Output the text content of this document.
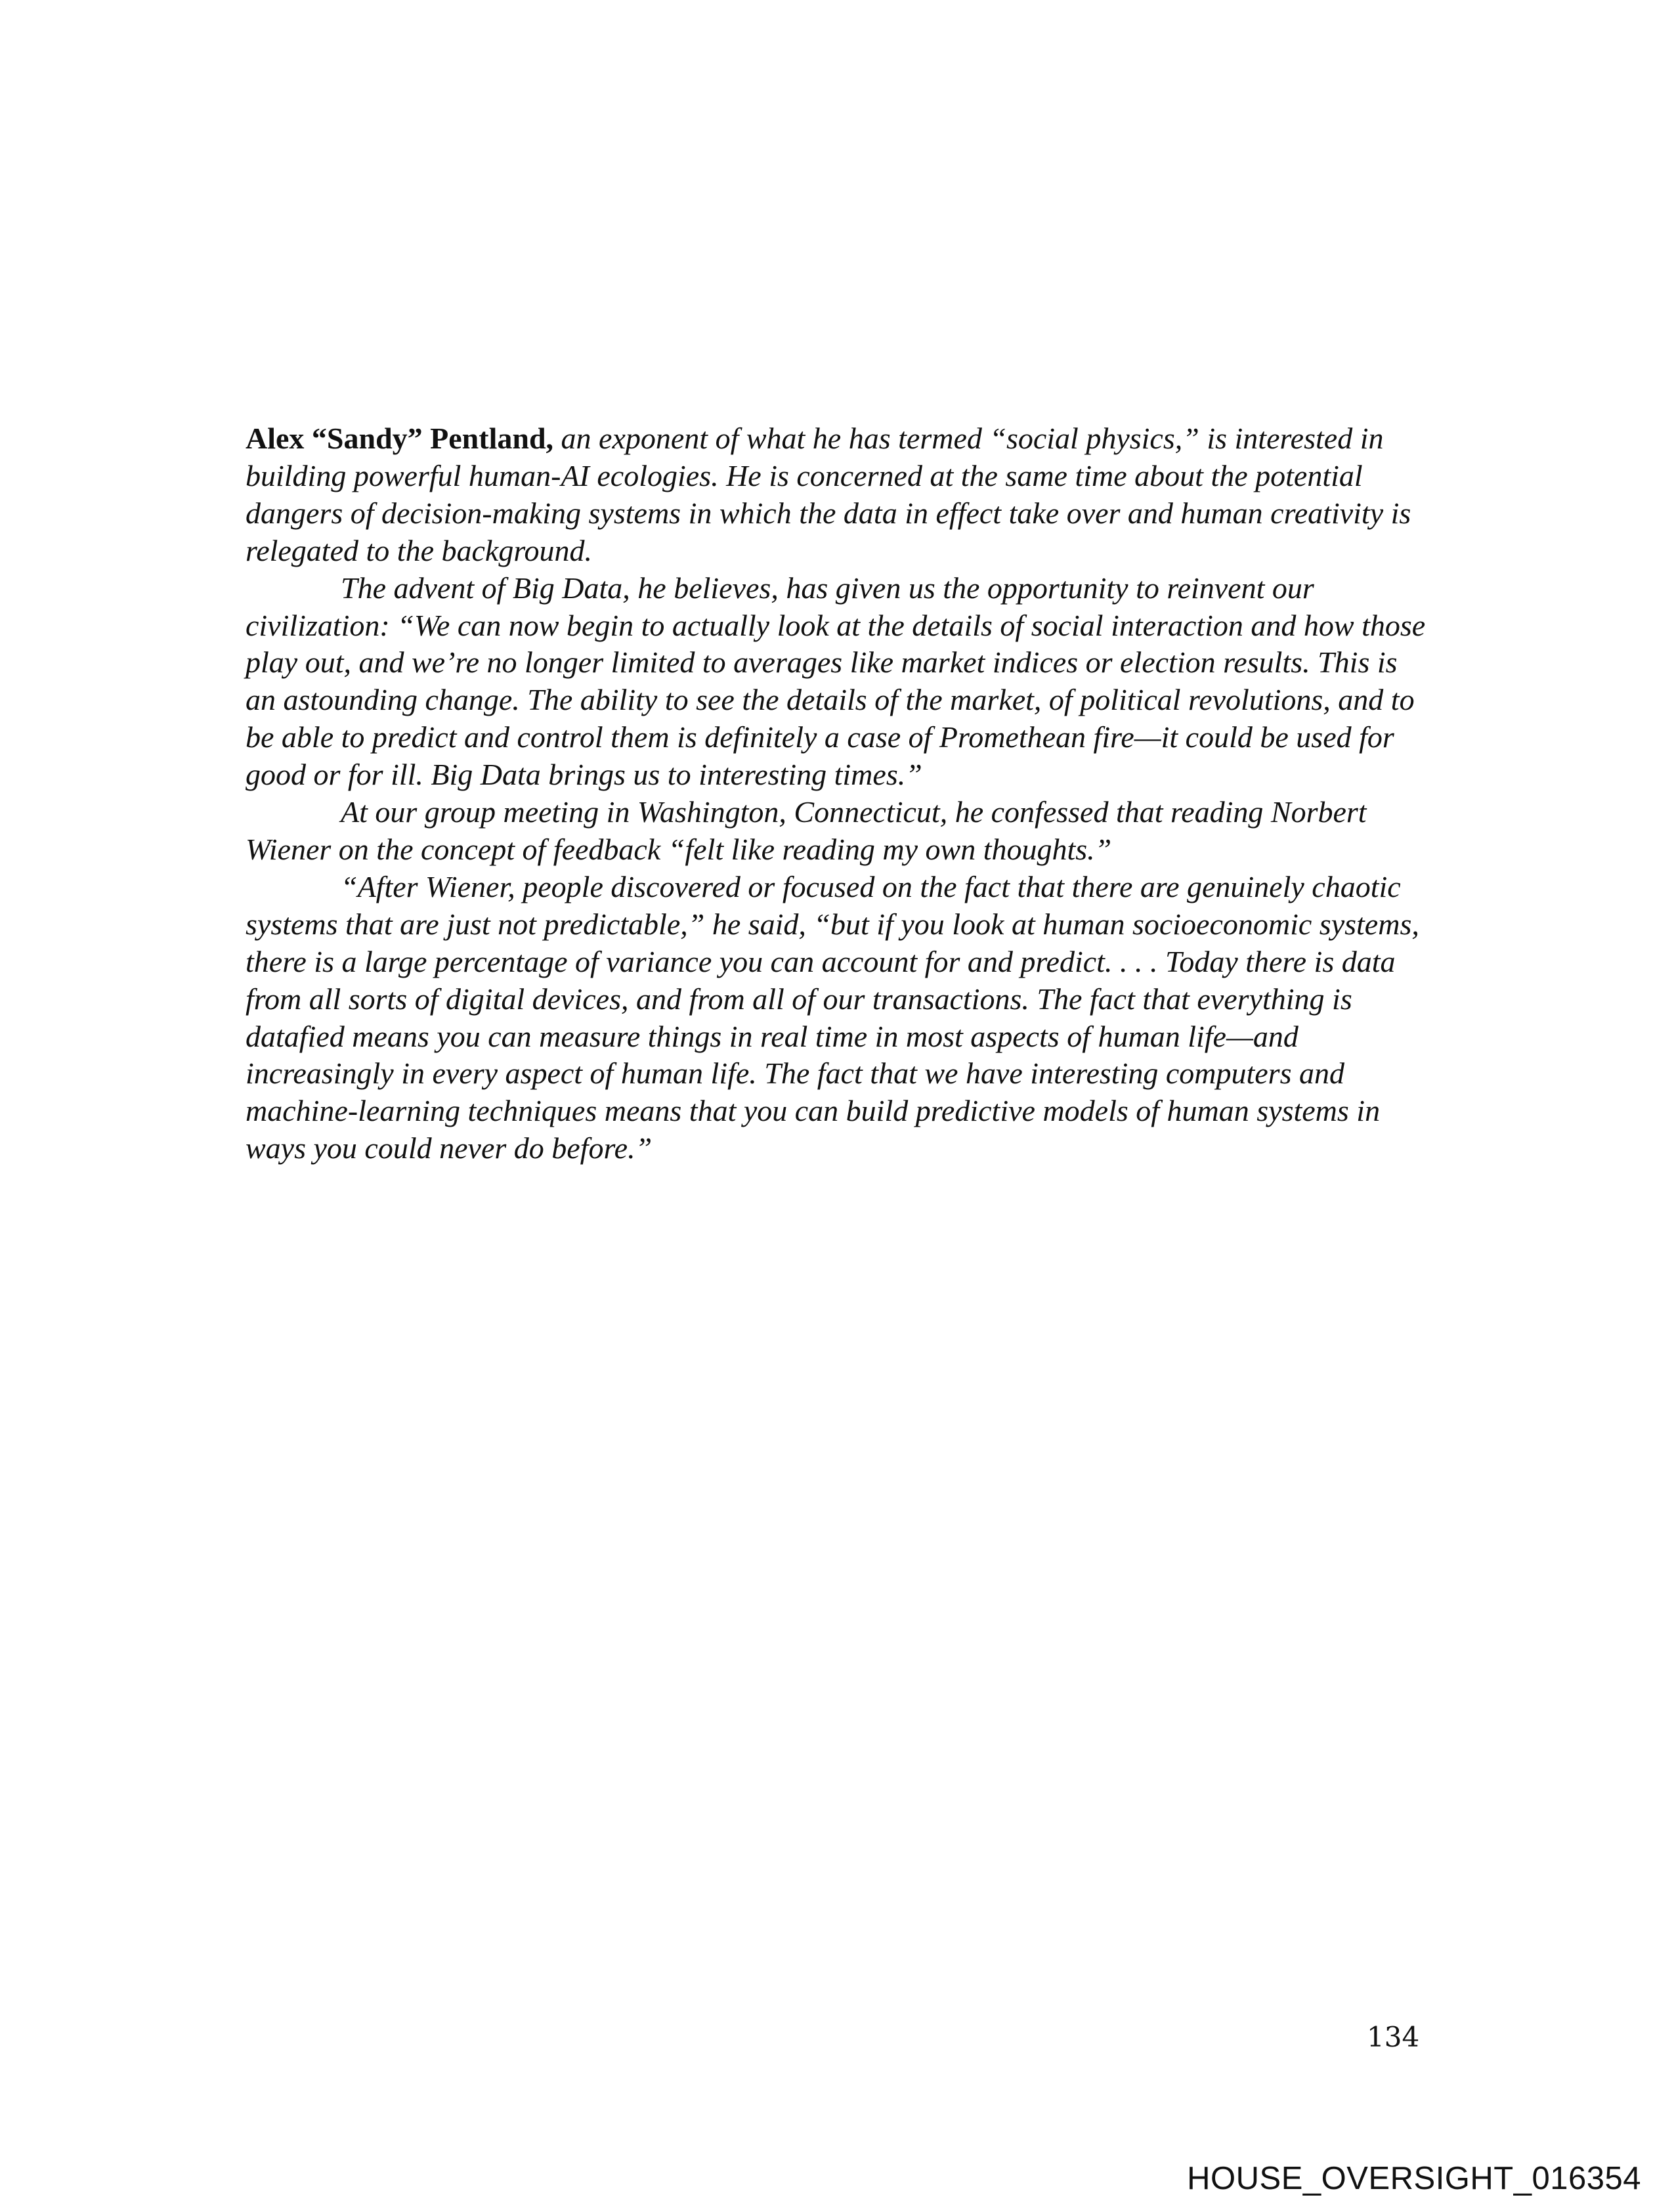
Alex “Sandy” Pentland, an exponent of what he has termed “social physics,” is interested in building powerful human-AI ecologies. He is concerned at the same time about the potential dangers of decision-making systems in which the data in effect take over and human creativity is relegated to the background.

The advent of Big Data, he believes, has given us the opportunity to reinvent our civilization: “We can now begin to actually look at the details of social interaction and how those play out, and we’re no longer limited to averages like market indices or election results. This is an astounding change. The ability to see the details of the market, of political revolutions, and to be able to predict and control them is definitely a case of Promethean fire—it could be used for good or for ill. Big Data brings us to interesting times.”

At our group meeting in Washington, Connecticut, he confessed that reading Norbert Wiener on the concept of feedback “felt like reading my own thoughts.”

“After Wiener, people discovered or focused on the fact that there are genuinely chaotic systems that are just not predictable,” he said, “but if you look at human socioeconomic systems, there is a large percentage of variance you can account for and predict. . . . Today there is data from all sorts of digital devices, and from all of our transactions. The fact that everything is datafied means you can measure things in real time in most aspects of human life—and increasingly in every aspect of human life. The fact that we have interesting computers and machine-learning techniques means that you can build predictive models of human systems in ways you could never do before.”

134
HOUSE_OVERSIGHT_016354
